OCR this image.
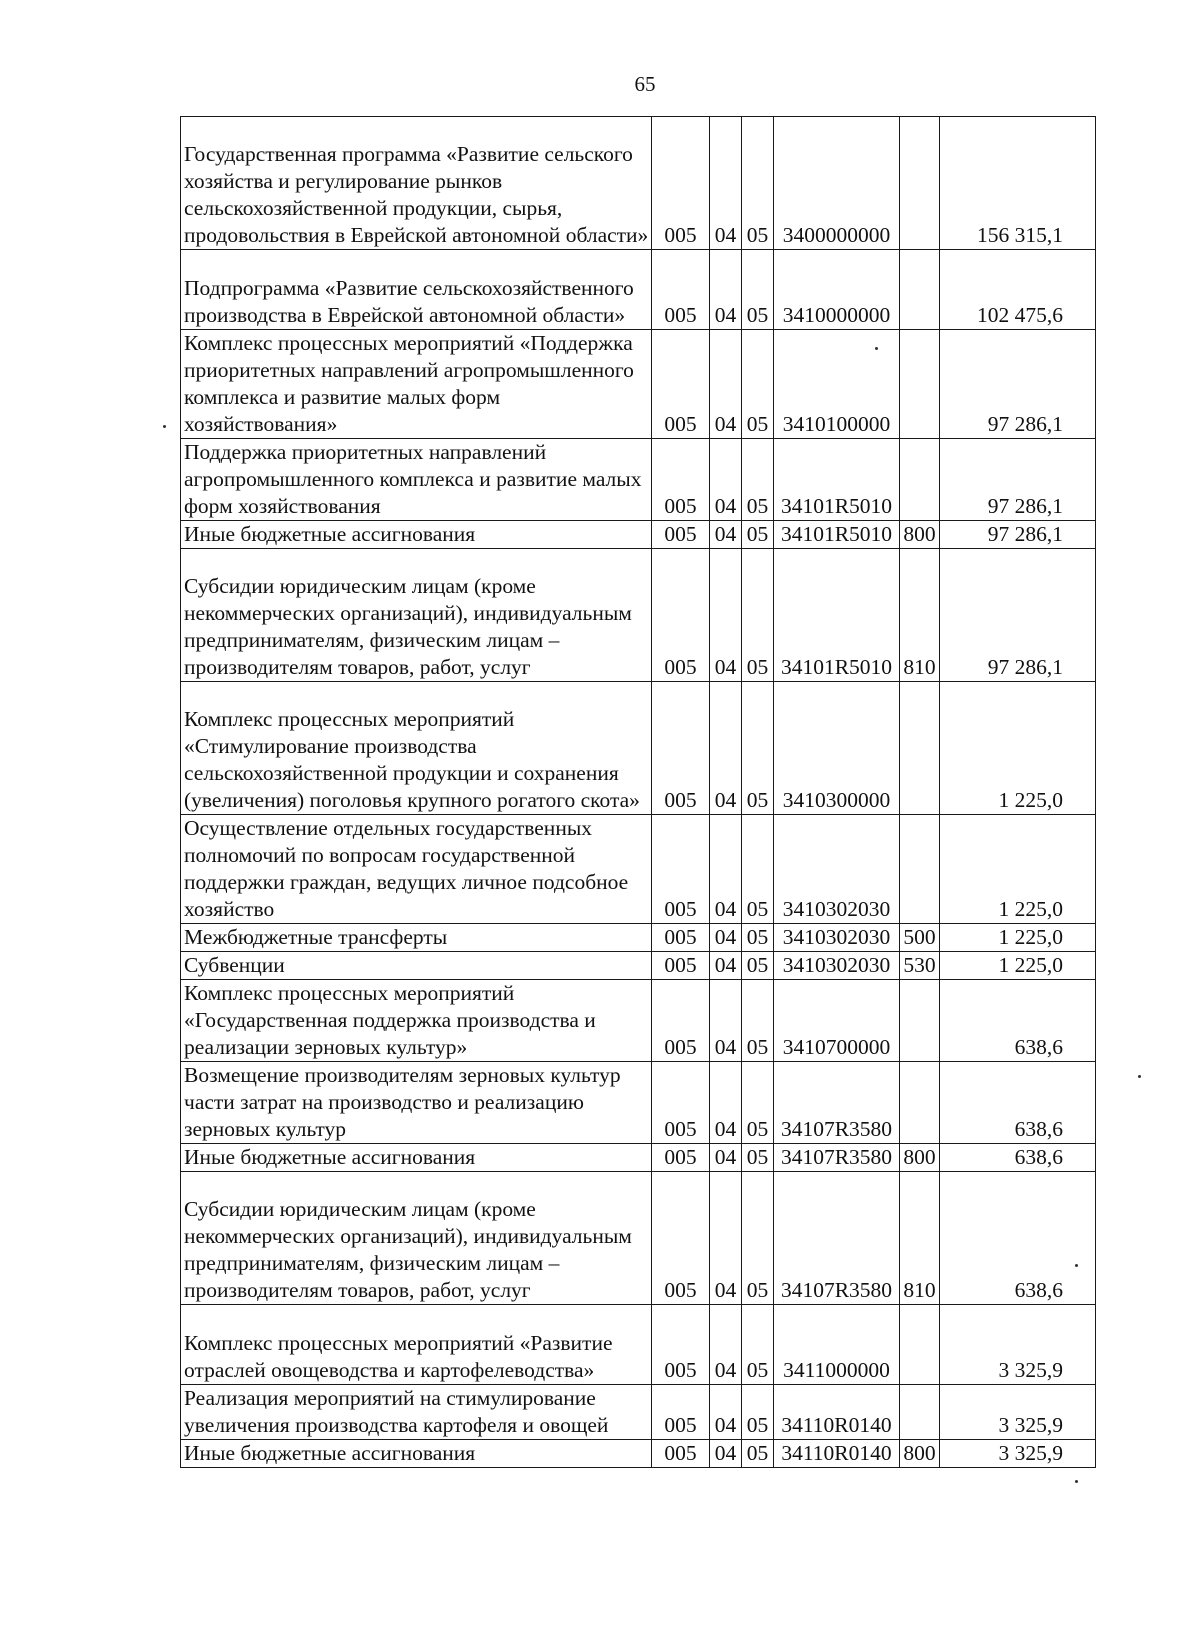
65
Государственная программа «Развитие сельского хозяйства и регулирование рынков сельскохозяйственной продукции, сырья, продовольствия в Еврейской автономной области»	005	04	05	3400000000		156 315,1
Подпрограмма «Развитие сельскохозяйственного производства в Еврейской автономной области»	005	04	05	3410000000		102 475,6
Комплекс процессных мероприятий «Поддержка приоритетных направлений агропромышленного комплекса и развитие малых форм хозяйствования»	005	04	05	3410100000		97 286,1
Поддержка приоритетных направлений агропромышленного комплекса и развитие малых форм хозяйствования	005	04	05	34101R5010		97 286,1
Иные бюджетные ассигнования	005	04	05	34101R5010	800	97 286,1
Субсидии юридическим лицам (кроме некоммерческих организаций), индивидуальным предпринимателям, физическим лицам – производителям товаров, работ, услуг	005	04	05	34101R5010	810	97 286,1
Комплекс процессных мероприятий «Стимулирование производства сельскохозяйственной продукции и сохранения (увеличения) поголовья крупного рогатого скота»	005	04	05	3410300000		1 225,0
Осуществление отдельных государственных полномочий по вопросам государственной поддержки граждан, ведущих личное подсобное хозяйство	005	04	05	3410302030		1 225,0
Межбюджетные трансферты	005	04	05	3410302030	500	1 225,0
Субвенции	005	04	05	3410302030	530	1 225,0
Комплекс процессных мероприятий «Государственная поддержка производства и реализации зерновых культур»	005	04	05	3410700000		638,6
Возмещение производителям зерновых культур части затрат на производство и реализацию зерновых культур	005	04	05	34107R3580		638,6
Иные бюджетные ассигнования	005	04	05	34107R3580	800	638,6
Субсидии юридическим лицам (кроме некоммерческих организаций), индивидуальным предпринимателям, физическим лицам – производителям товаров, работ, услуг	005	04	05	34107R3580	810	638,6
Комплекс процессных мероприятий «Развитие отраслей овощеводства и картофелеводства»	005	04	05	3411000000		3 325,9
Реализация мероприятий на стимулирование увеличения производства картофеля и овощей	005	04	05	34110R0140		3 325,9
Иные бюджетные ассигнования	005	04	05	34110R0140	800	3 325,9
